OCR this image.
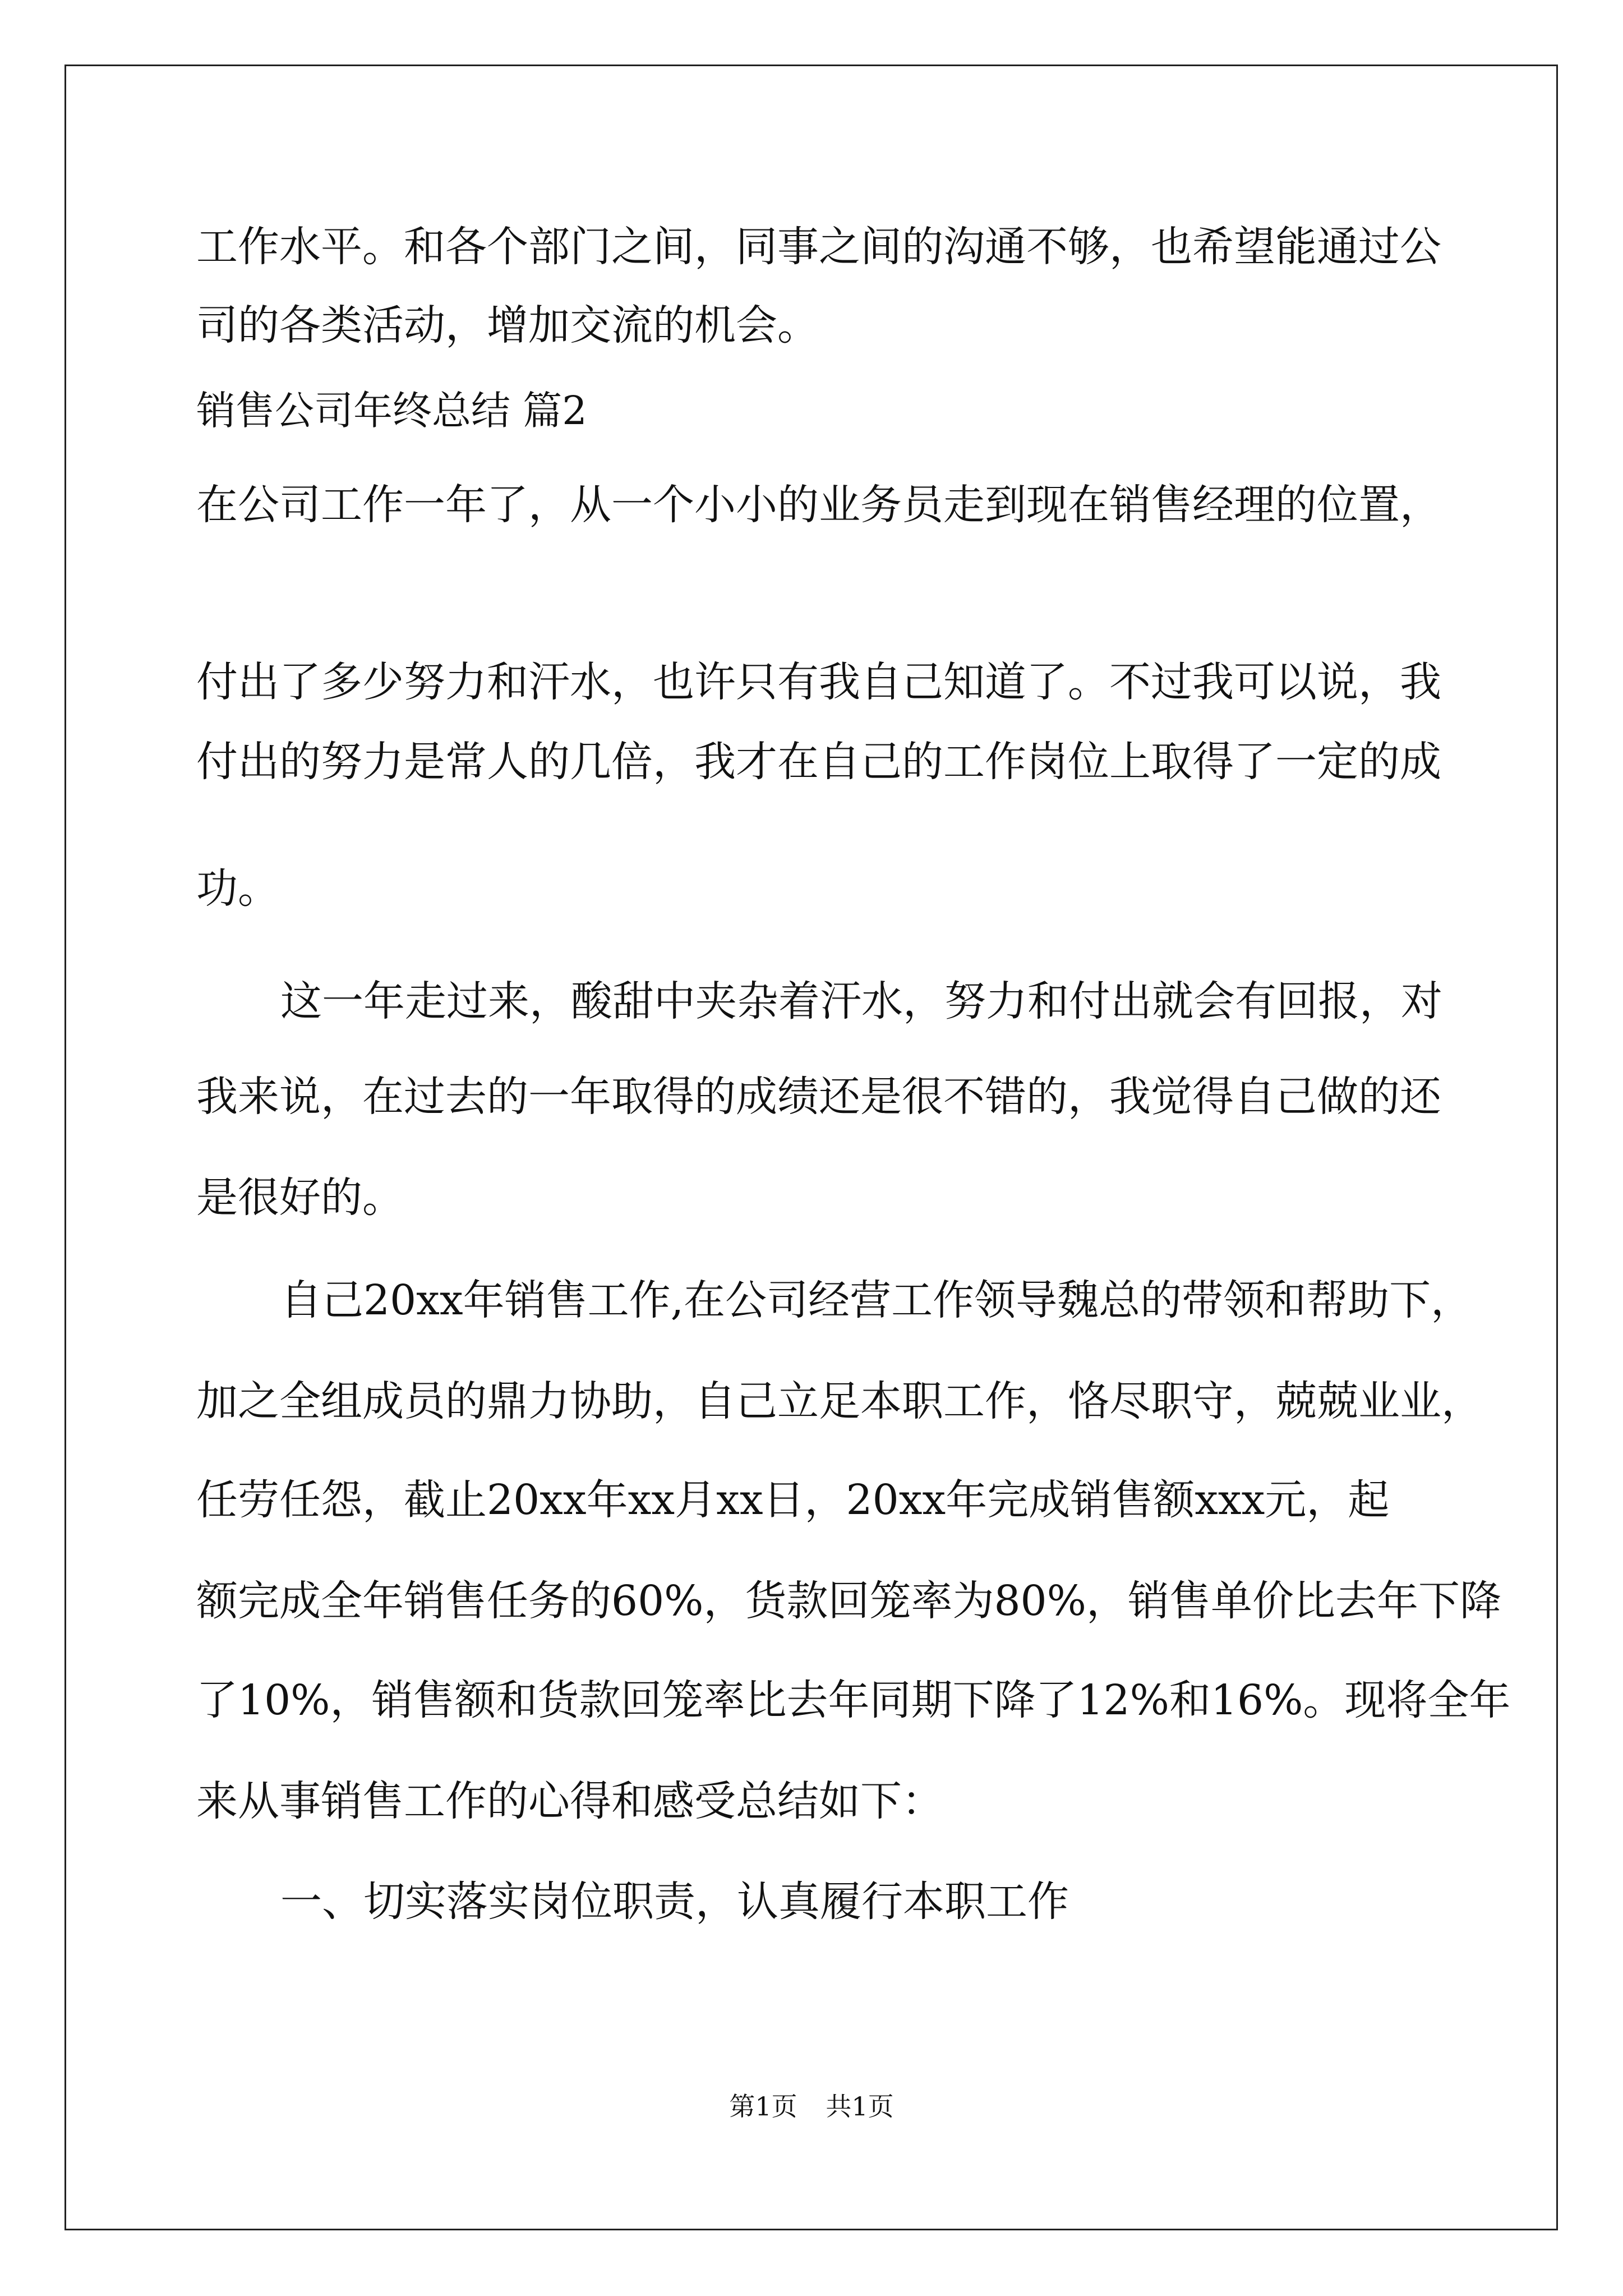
工作水平。和各个部门之间，同事之间的沟通不够，也希望能通过公

司的各类活动，增加交流的机会。

销售公司年终总结 篇2

在公司工作一年了，从一个小小的业务员走到现在销售经理的位置，

付出了多少努力和汗水，也许只有我自己知道了。不过我可以说，我

付出的努力是常人的几倍，我才在自己的工作岗位上取得了一定的成

功。

这一年走过来，酸甜中夹杂着汗水，努力和付出就会有回报，对

我来说，在过去的一年取得的成绩还是很不错的，我觉得自己做的还

是很好的。

自己20xx年销售工作,在公司经营工作领导魏总的带领和帮助下，

加之全组成员的鼎力协助，自己立足本职工作，恪尽职守，兢兢业业，

任劳任怨，截止20xx年xx月xx日，20xx年完成销售额xxx元，起

额完成全年销售任务的60%，货款回笼率为80%，销售单价比去年下降

了10%，销售额和货款回笼率比去年同期下降了12%和16%。现将全年

来从事销售工作的心得和感受总结如下：

一、切实落实岗位职责，认真履行本职工作

第1页 共1页
